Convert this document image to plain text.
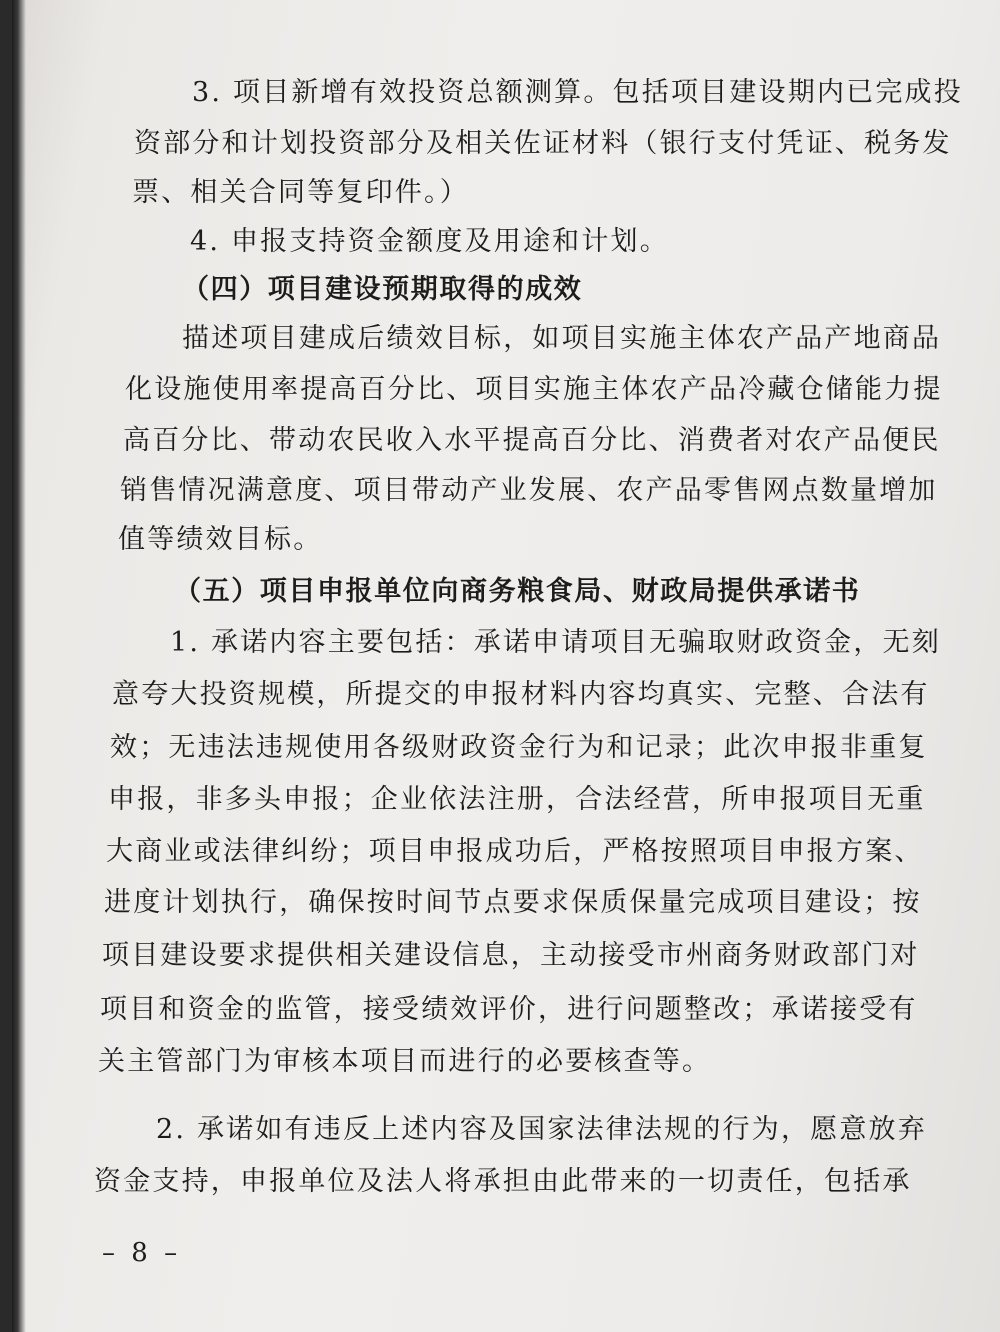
3. 项目新增有效投资总额测算。包括项目建设期内已完成投
资部分和计划投资部分及相关佐证材料（银行支付凭证、税务发
票、相关合同等复印件。）
4. 申报支持资金额度及用途和计划。
（四）项目建设预期取得的成效
描述项目建成后绩效目标，如项目实施主体农产品产地商品
化设施使用率提高百分比、项目实施主体农产品冷藏仓储能力提
高百分比、带动农民收入水平提高百分比、消费者对农产品便民
销售情况满意度、项目带动产业发展、农产品零售网点数量增加
值等绩效目标。
（五）项目申报单位向商务粮食局、财政局提供承诺书
1. 承诺内容主要包括：承诺申请项目无骗取财政资金，无刻
意夸大投资规模，所提交的申报材料内容均真实、完整、合法有
效；无违法违规使用各级财政资金行为和记录；此次申报非重复
申报，非多头申报；企业依法注册，合法经营，所申报项目无重
大商业或法律纠纷；项目申报成功后，严格按照项目申报方案、
进度计划执行，确保按时间节点要求保质保量完成项目建设；按
项目建设要求提供相关建设信息，主动接受市州商务财政部门对
项目和资金的监管，接受绩效评价，进行问题整改；承诺接受有
关主管部门为审核本项目而进行的必要核查等。
2. 承诺如有违反上述内容及国家法律法规的行为，愿意放弃
资金支持，申报单位及法人将承担由此带来的一切责任，包括承
– 8 –
